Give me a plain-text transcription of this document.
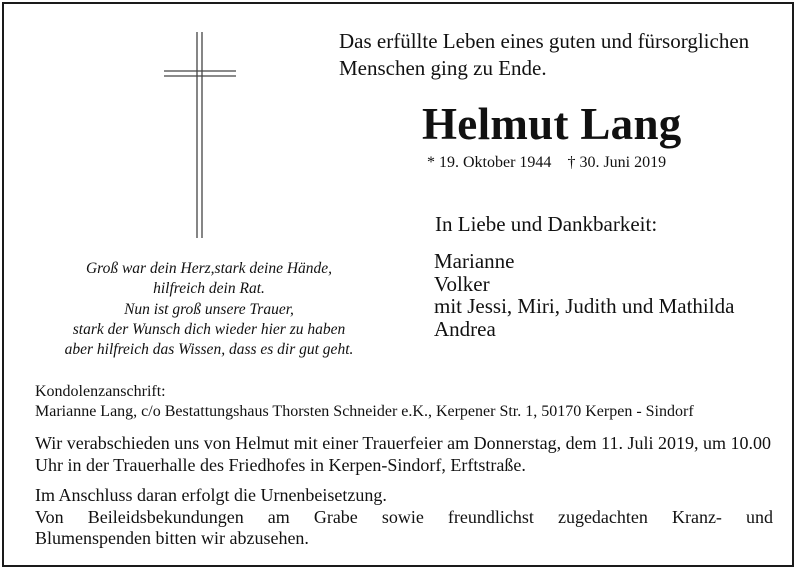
Das erfüllte Leben eines guten und fürsorglichen
Menschen ging zu Ende.

Helmut Lang
* 19. Oktober 1944 † 30. Juni 2019
In Liebe und Dankbarkeit:
Marianne
Volker
mit Jessi, Miri, Judith und Mathilda
Andrea
Groß war dein Herz,stark deine Hände,
hilfreich dein Rat.
Nun ist groß unsere Trauer,
stark der Wunsch dich wieder hier zu haben
aber hilfreich das Wissen, dass es dir gut geht.
Kondolenzanschrift:
Marianne Lang, c/o Bestattungshaus Thorsten Schneider e.K., Kerpener Str. 1, 50170 Kerpen - Sindorf

Wir verabschieden uns von Helmut mit einer Trauerfeier am Donnerstag, dem 11. Juli 2019, um 10.00 Uhr in der Trauerhalle des Friedhofes in Kerpen-Sindorf, Erftstraße.

Im Anschluss daran erfolgt die Urnenbeisetzung.
Von Beileidsbekundungen am Grabe sowie freundlichst zugedachten Kranz- und
Blumenspenden bitten wir abzusehen.
